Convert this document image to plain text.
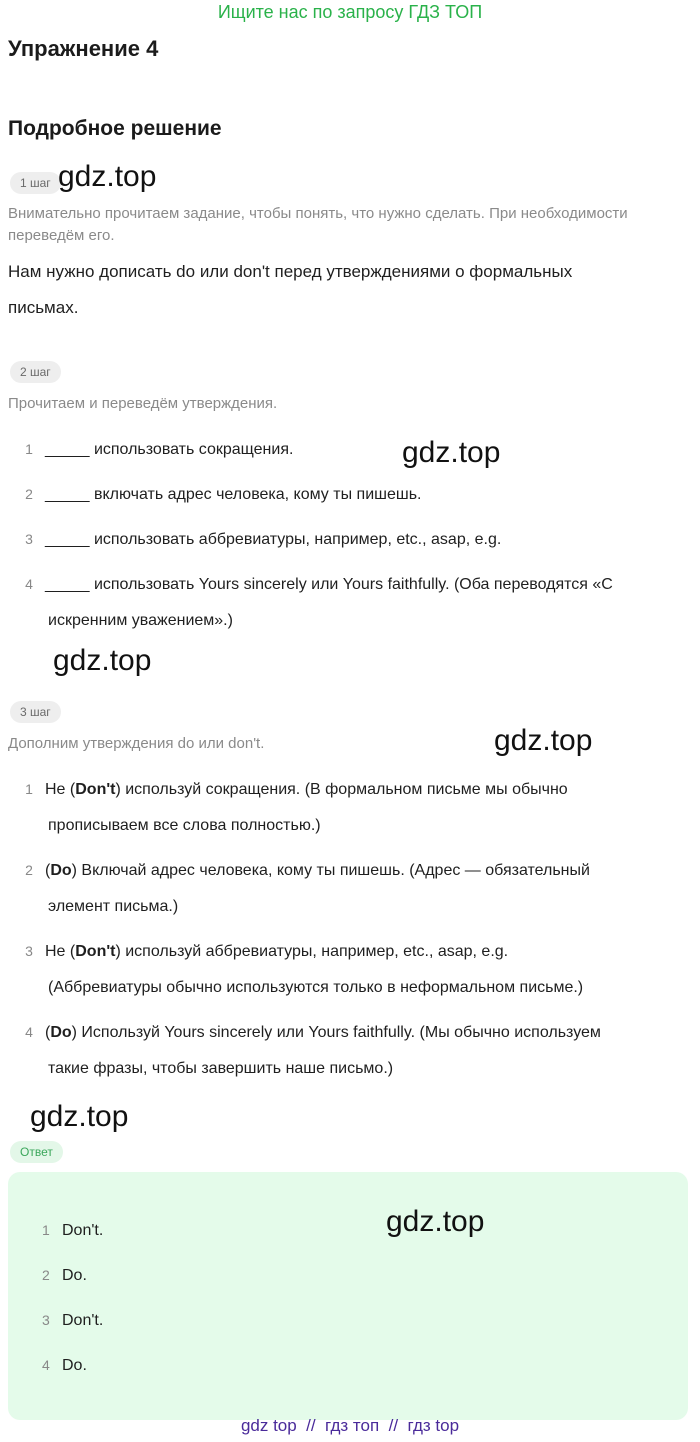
Ищите нас по запросу ГДЗ ТОП
Упражнение 4
Подробное решение
1 шаг gdz.top
Внимательно прочитаем задание, чтобы понять, что нужно сделать. При необходимости
переведём его.
Нам нужно дописать do или don't перед утверждениями о формальных
письмах.
2 шаг
Прочитаем и переведём утверждения.
1 _____ использовать сокращения.	gdz.top
2 _____ включать адрес человека, кому ты пишешь.
3 _____ использовать аббревиатуры, например, etc., asap, e.g.
4 _____ использовать Yours sincerely или Yours faithfully. (Оба переводятся «С
искренним уважением».)
gdz.top
3 шаг
Дополним утверждения do или don't.	gdz.top
1 Не (Don't) используй сокращения. (В формальном письме мы обычно
прописываем все слова полностью.)
2 (Do) Включай адрес человека, кому ты пишешь. (Адрес — обязательный
элемент письма.)
3 Не (Don't) используй аббревиатуры, например, etc., asap, e.g.
(Аббревиатуры обычно используются только в неформальном письме.)
4 (Do) Используй Yours sincerely или Yours faithfully. (Мы обычно используем
такие фразы, чтобы завершить наше письмо.)
gdz.top
Ответ
gdz.top
1 Don't.
2 Do.
3 Don't.
4 Do.
gdz top  //  гдз топ  //  гдз top
